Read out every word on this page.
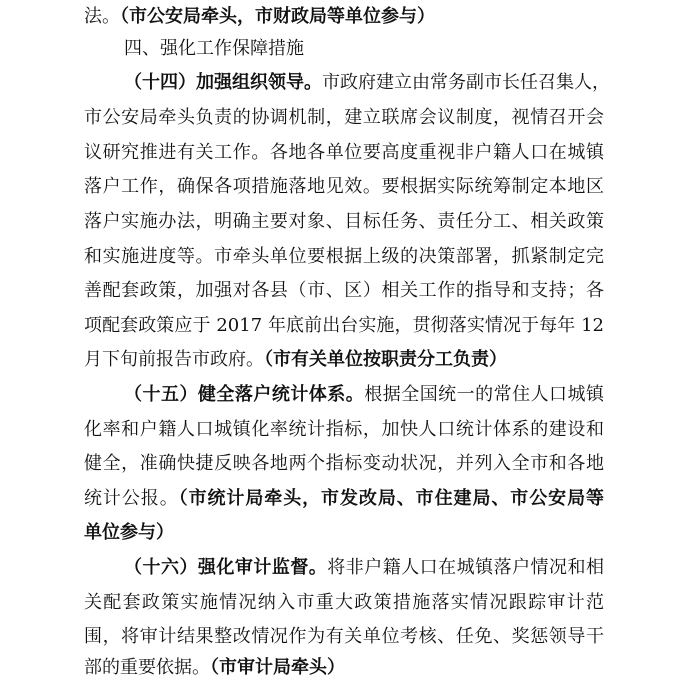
法。（市公安局牵头，市财政局等单位参与）
四、强化工作保障措施
（十四）加强组织领导。市政府建立由常务副市长任召集人，
市公安局牵头负责的协调机制，建立联席会议制度，视情召开会
议研究推进有关工作。各地各单位要高度重视非户籍人口在城镇
落户工作，确保各项措施落地见效。要根据实际统筹制定本地区
落户实施办法，明确主要对象、目标任务、责任分工、相关政策
和实施进度等。市牵头单位要根据上级的决策部署，抓紧制定完
善配套政策，加强对各县（市、区）相关工作的指导和支持；各
项配套政策应于 2017 年底前出台实施，贯彻落实情况于每年 12
月下旬前报告市政府。（市有关单位按职责分工负责）
（十五）健全落户统计体系。根据全国统一的常住人口城镇
化率和户籍人口城镇化率统计指标，加快人口统计体系的建设和
健全，准确快捷反映各地两个指标变动状况，并列入全市和各地
统计公报。（市统计局牵头，市发改局、市住建局、市公安局等
单位参与）
（十六）强化审计监督。将非户籍人口在城镇落户情况和相
关配套政策实施情况纳入市重大政策措施落实情况跟踪审计范
围，将审计结果整改情况作为有关单位考核、任免、奖惩领导干
部的重要依据。（市审计局牵头）
